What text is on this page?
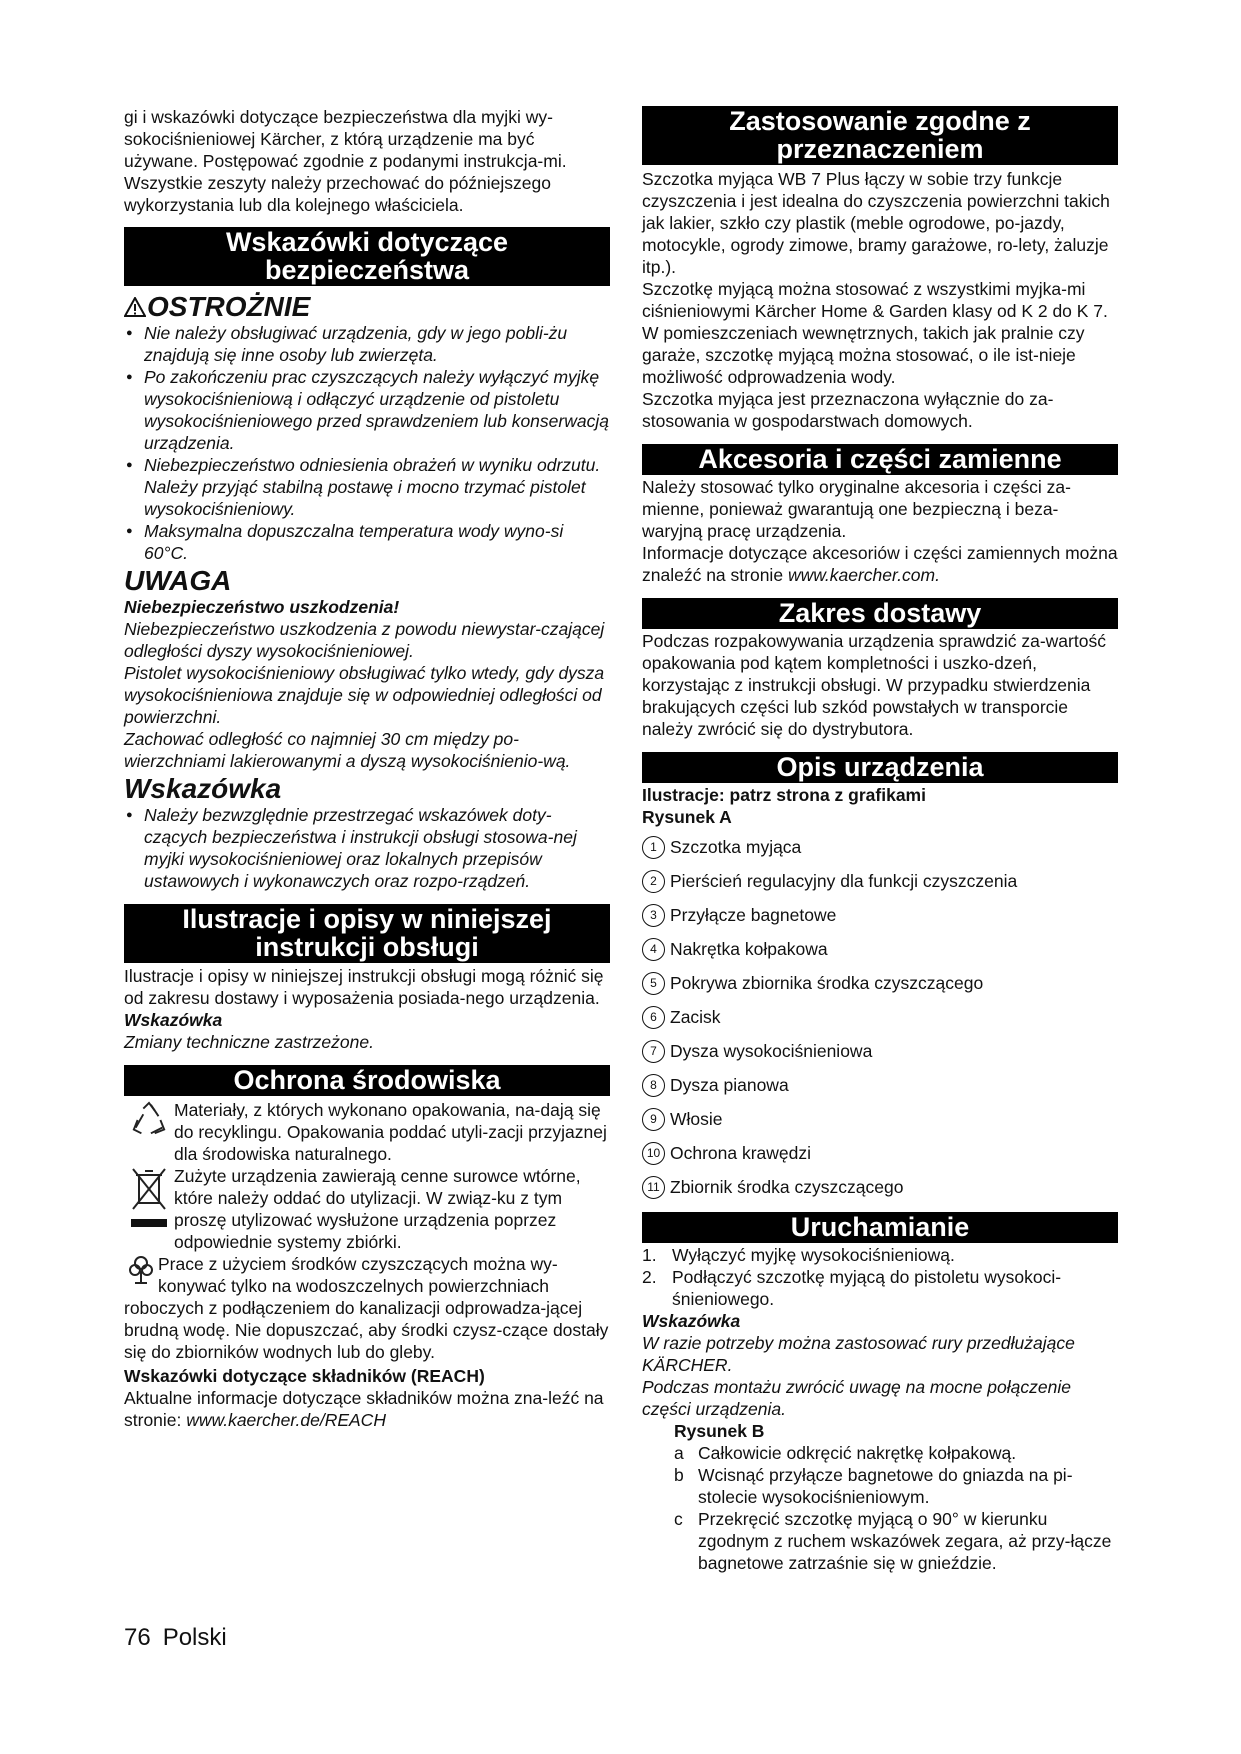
gi i wskazówki dotyczące bezpieczeństwa dla myjki wy-sokociśnieniowej Kärcher, z którą urządzenie ma być używane. Postępować zgodnie z podanymi instrukcja-mi.

Wszystkie zeszyty należy przechować do późniejszego wykorzystania lub dla kolejnego właściciela.

Wskazówki dotyczące
bezpieczeństwa
OSTROŻNIE
● Nie należy obsługiwać urządzenia, gdy w jego pobli-żu znajdują się inne osoby lub zwierzęta.
● Po zakończeniu prac czyszczących należy wyłączyć myjkę wysokociśnieniową i odłączyć urządzenie od pistoletu wysokociśnieniowego przed sprawdzeniem lub konserwacją urządzenia.
● Niebezpieczeństwo odniesienia obrażeń w wyniku odrzutu. Należy przyjąć stabilną postawę i mocno trzymać pistolet wysokociśnieniowy.
● Maksymalna dopuszczalna temperatura wody wyno-si 60°C.
UWAGA

Niebezpieczeństwo uszkodzenia!

Niebezpieczeństwo uszkodzenia z powodu niewystar-czającej odległości dyszy wysokociśnieniowej.

Pistolet wysokociśnieniowy obsługiwać tylko wtedy, gdy dysza wysokociśnieniowa znajduje się w odpowiedniej odległości od powierzchni.

Zachować odległość co najmniej 30 cm między po-wierzchniami lakierowanymi a dyszą wysokociśnienio-wą.

Wskazówka
● Należy bezwzględnie przestrzegać wskazówek doty-czących bezpieczeństwa i instrukcji obsługi stosowa-nej myjki wysokociśnieniowej oraz lokalnych przepisów ustawowych i wykonawczych oraz rozpo-rządzeń.
Ilustracje i opisy w niniejszej
instrukcji obsługi

Ilustracje i opisy w niniejszej instrukcji obsługi mogą różnić się od zakresu dostawy i wyposażenia posiada-nego urządzenia.

Wskazówka

Zmiany techniczne zastrzeżone.

Ochrona środowiska
Materiały, z których wykonano opakowania, na-dają się do recyklingu. Opakowania poddać utyli-zacji przyjaznej dla środowiska naturalnego.
Zużyte urządzenia zawierają cenne surowce wtórne, które należy oddać do utylizacji. W związ-ku z tym proszę utylizować wysłużone urządzenia poprzez odpowiednie systemy zbiórki.
Prace z użyciem środków czyszczących można wy-konywać tylko na wodoszczelnych powierzchniach

roboczych z podłączeniem do kanalizacji odprowadza-jącej brudną wodę. Nie dopuszczać, aby środki czysz-czące dostały się do zbiorników wodnych lub do gleby.

Wskazówki dotyczące składników (REACH)

Aktualne informacje dotyczące składników można zna-leźć na stronie: www.kaercher.de/REACH

Zastosowanie zgodne z
przeznaczeniem

Szczotka myjąca WB 7 Plus łączy w sobie trzy funkcje czyszczenia i jest idealna do czyszczenia powierzchni takich jak lakier, szkło czy plastik (meble ogrodowe, po-jazdy, motocykle, ogrody zimowe, bramy garażowe, ro-lety, żaluzje itp.).

Szczotkę myjącą można stosować z wszystkimi myjka-mi ciśnieniowymi Kärcher Home & Garden klasy od K 2 do K 7.

W pomieszczeniach wewnętrznych, takich jak pralnie czy garaże, szczotkę myjącą można stosować, o ile ist-nieje możliwość odprowadzenia wody.

Szczotka myjąca jest przeznaczona wyłącznie do za-stosowania w gospodarstwach domowych.

Akcesoria i części zamienne

Należy stosować tylko oryginalne akcesoria i części za-mienne, ponieważ gwarantują one bezpieczną i beza-waryjną pracę urządzenia.

Informacje dotyczące akcesoriów i części zamiennych można znaleźć na stronie www.kaercher.com.

Zakres dostawy

Podczas rozpakowywania urządzenia sprawdzić za-wartość opakowania pod kątem kompletności i uszko-dzeń, korzystając z instrukcji obsługi. W przypadku stwierdzenia brakujących części lub szkód powstałych w transporcie należy zwrócić się do dystrybutora.

Opis urządzenia

Ilustracje: patrz strona z grafikami

Rysunek A

1 Szczotka myjąca
2 Pierścień regulacyjny dla funkcji czyszczenia
3 Przyłącze bagnetowe
4 Nakrętka kołpakowa
5 Pokrywa zbiornika środka czyszczącego
6 Zacisk
7 Dysza wysokociśnieniowa
8 Dysza pianowa
9 Włosie
10 Ochrona krawędzi
11 Zbiornik środka czyszczącego
Uruchamianie
1. Wyłączyć myjkę wysokociśnieniową.
2. Podłączyć szczotkę myjącą do pistoletu wysokoci-śnieniowego.

Wskazówka

W razie potrzeby można zastosować rury przedłużające KÄRCHER.

Podczas montażu zwrócić uwagę na mocne połączenie części urządzenia.

Rysunek B

a Całkowicie odkręcić nakrętkę kołpakową.
b Wcisnąć przyłącze bagnetowe do gniazda na pi-stolecie wysokociśnieniowym.
c Przekręcić szczotkę myjącą o 90° w kierunku zgodnym z ruchem wskazówek zegara, aż przy-łącze bagnetowe zatrzaśnie się w gnieździe.
76 Polski
